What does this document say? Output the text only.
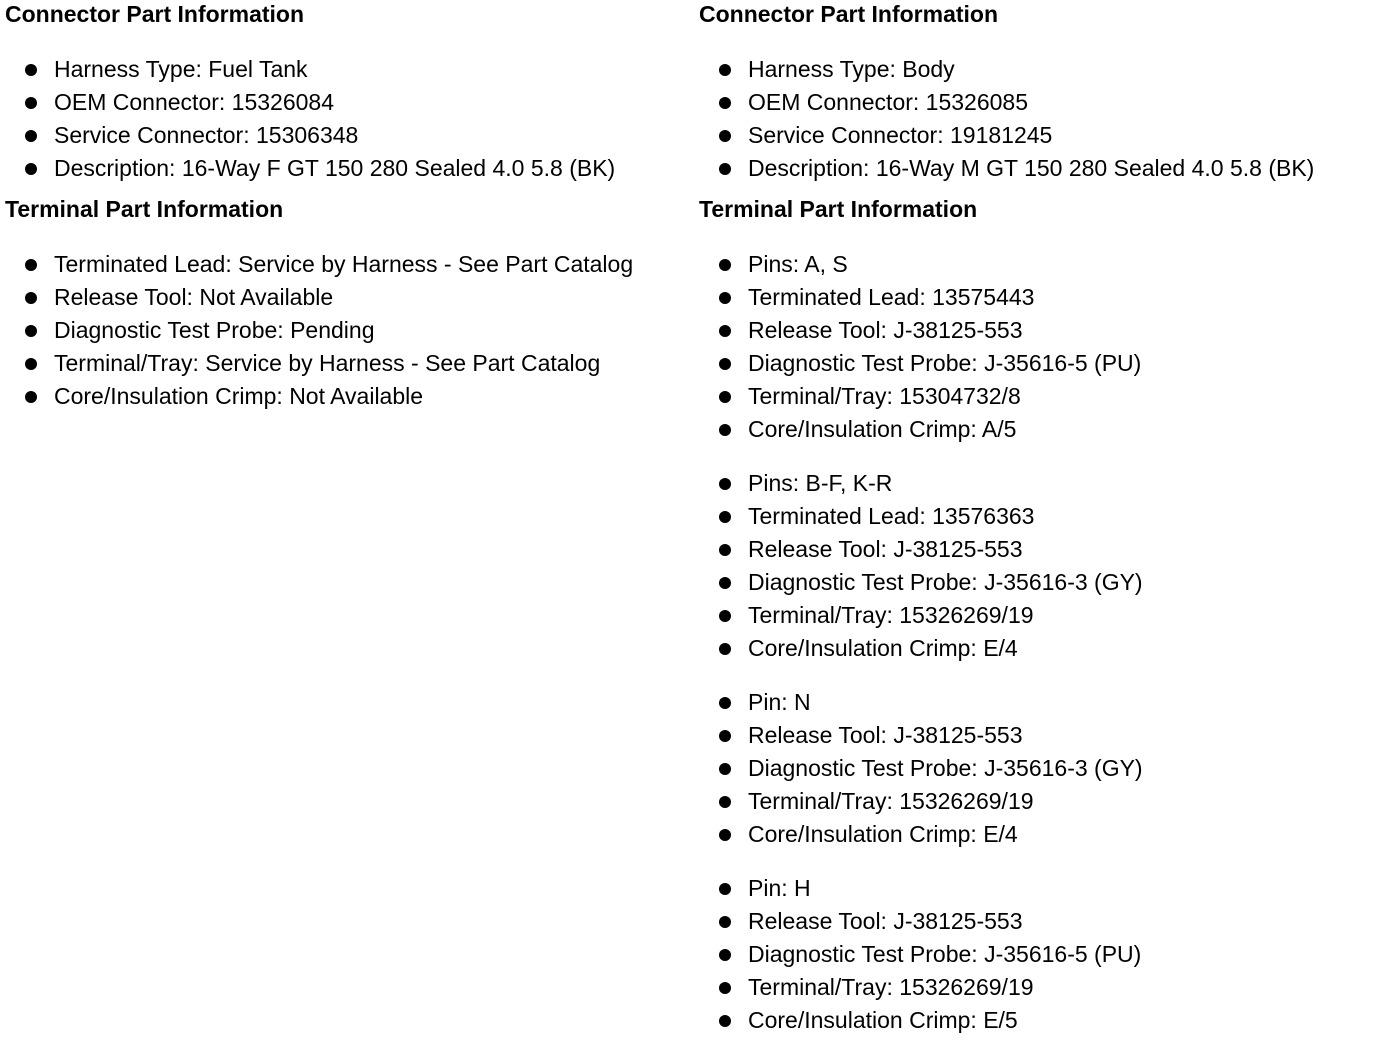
Connector Part Information
Harness Type: Fuel Tank
OEM Connector: 15326084
Service Connector: 15306348
Description: 16-Way F GT 150 280 Sealed 4.0 5.8 (BK)
Terminal Part Information
Terminated Lead: Service by Harness - See Part Catalog
Release Tool: Not Available
Diagnostic Test Probe: Pending
Terminal/Tray: Service by Harness - See Part Catalog
Core/Insulation Crimp: Not Available
Connector Part Information
Harness Type: Body
OEM Connector: 15326085
Service Connector: 19181245
Description: 16-Way M GT 150 280 Sealed 4.0 5.8 (BK)
Terminal Part Information
Pins: A, S
Terminated Lead: 13575443
Release Tool: J-38125-553
Diagnostic Test Probe: J-35616-5 (PU)
Terminal/Tray: 15304732/8
Core/Insulation Crimp: A/5
Pins: B-F, K-R
Terminated Lead: 13576363
Release Tool: J-38125-553
Diagnostic Test Probe: J-35616-3 (GY)
Terminal/Tray: 15326269/19
Core/Insulation Crimp: E/4
Pin: N
Release Tool: J-38125-553
Diagnostic Test Probe: J-35616-3 (GY)
Terminal/Tray: 15326269/19
Core/Insulation Crimp: E/4
Pin: H
Release Tool: J-38125-553
Diagnostic Test Probe: J-35616-5 (PU)
Terminal/Tray: 15326269/19
Core/Insulation Crimp: E/5
